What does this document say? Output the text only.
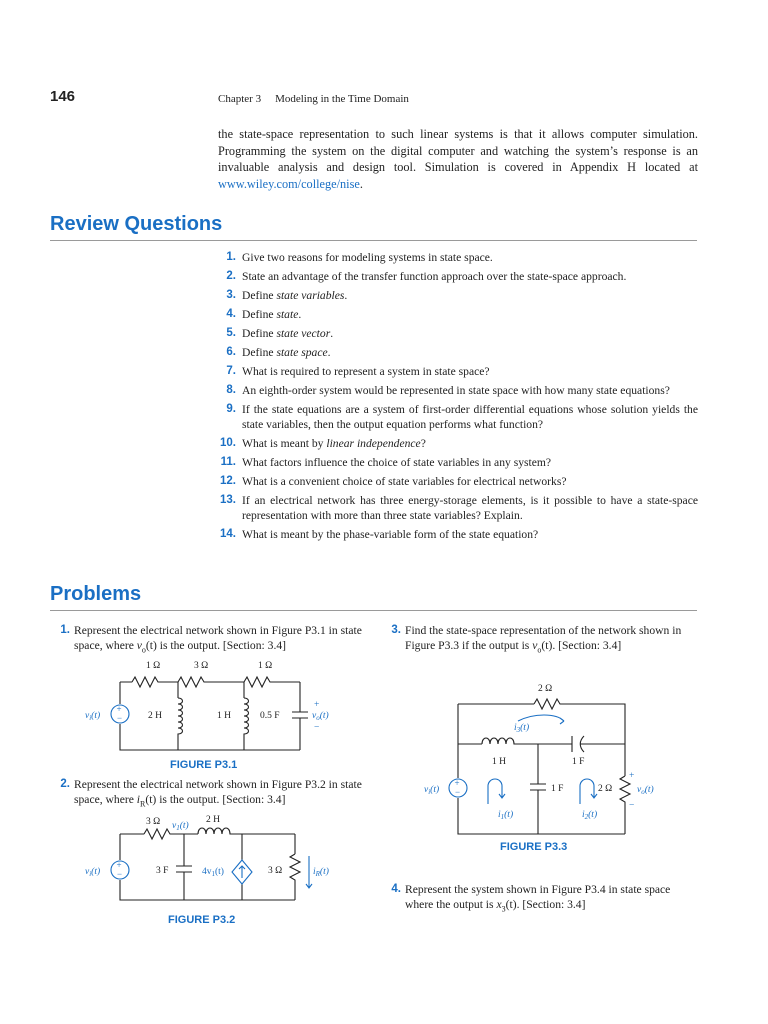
146	Chapter 3 Modeling in the Time Domain
the state-space representation to such linear systems is that it allows computer simulation. Programming the system on the digital computer and watching the system’s response is an invaluable analysis and design tool. Simulation is covered in Appendix H located at www.wiley.com/college/nise.
Review Questions
1. Give two reasons for modeling systems in state space.
2. State an advantage of the transfer function approach over the state-space approach.
3. Define state variables.
4. Define state.
5. Define state vector.
6. Define state space.
7. What is required to represent a system in state space?
8. An eighth-order system would be represented in state space with how many state equations?
9. If the state equations are a system of first-order differential equations whose solution yields the state variables, then the output equation performs what function?
10. What is meant by linear independence?
11. What factors influence the choice of state variables in any system?
12. What is a convenient choice of state variables for electrical networks?
13. If an electrical network has three energy-storage elements, is it possible to have a state-space representation with more than three state variables? Explain.
14. What is meant by the phase-variable form of the state equation?
Problems
1. Represent the electrical network shown in Figure P3.1 in state space, where $v_o(t)$ is the output. [Section: 3.4]
2. Represent the electrical network shown in Figure P3.2 in state space, where $i_R(t)$ is the output. [Section: 3.4]
3. Find the state-space representation of the network shown in Figure P3.3 if the output is $v_o(t)$. [Section: 3.4]
4. Represent the system shown in Figure P3.4 in state space where the output is $x_3(t)$. [Section: 3.4]
+
−
1 Ω	3 Ω	1 Ω
2 H	1 H	0.5 F
+
−
$v_i(t)$	$v_o(t)$
FIGURE P3.1
+
−
3 Ω	2 H
3 F	3 Ω
$v_1(t)$
$4v_1(t)$	$i_R(t)$
$v_i(t)$
FIGURE P3.2
+
−
2 Ω
1 H	1 F
1 F	2 Ω
+
−
$i_3(t)$
$i_1(t)$	$i_2(t)$
$v_i(t)$	$v_o(t)$
FIGURE P3.3
